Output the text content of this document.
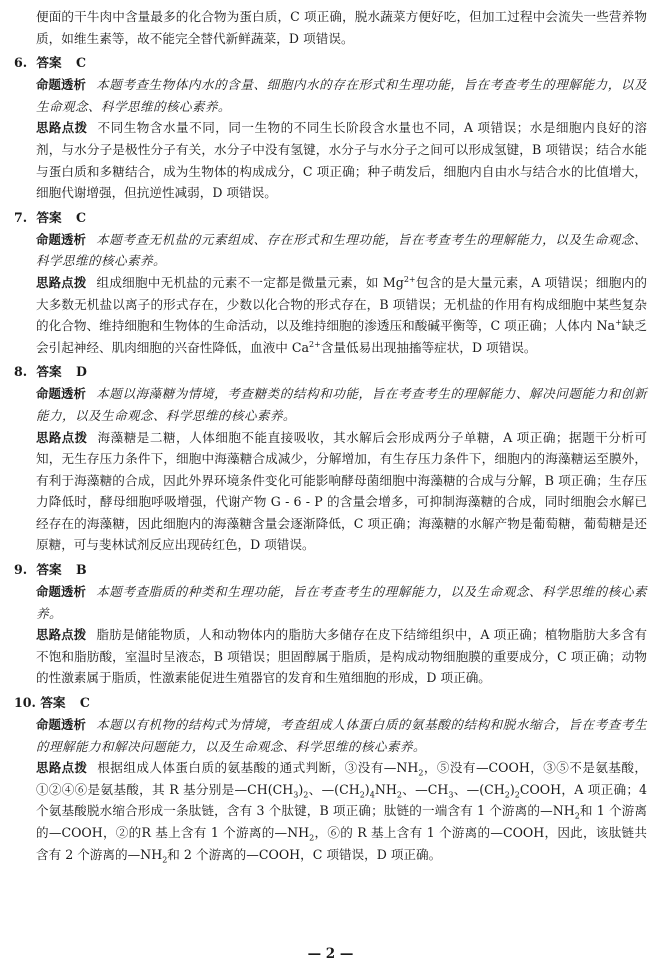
便面的干牛肉中含量最多的化合物为蛋白质，C 项正确，脱水蔬菜方便好吃，但加工过程中会流失一些营养物质，如维生素等，故不能完全替代新鲜蔬菜，D 项错误。

6. 答案 C

命题透析 本题考查生物体内水的含量、细胞内水的存在形式和生理功能，旨在考查考生的理解能力，以及生命观念、科学思维的核心素养。

思路点拨 不同生物含水量不同，同一生物的不同生长阶段含水量也不同，A 项错误；水是细胞内良好的溶剂，与水分子是极性分子有关，水分子中没有氢键，水分子与水分子之间可以形成氢键，B 项错误；结合水能与蛋白质和多糖结合，成为生物体的构成成分，C 项正确；种子萌发后，细胞内自由水与结合水的比值增大，细胞代谢增强，但抗逆性减弱，D 项错误。

7. 答案 C

命题透析 本题考查无机盐的元素组成、存在形式和生理功能，旨在考查考生的理解能力，以及生命观念、科学思维的核心素养。

思路点拨 组成细胞中无机盐的元素不一定都是微量元素，如 $Mg^{2+}$包含的是大量元素，A 项错误；细胞内的大多数无机盐以离子的形式存在，少数以化合物的形式存在，B 项错误；无机盐的作用有构成细胞中某些复杂的化合物、维持细胞和生物体的生命活动，以及维持细胞的渗透压和酸碱平衡等，C 项正确；人体内 Na+缺乏会引起神经、肌肉细胞的兴奋性降低，血液中 $Ca^{2+}$含量低易出现抽搐等症状，D 项错误。

8. 答案 D

命题透析 本题以海藻糖为情境，考查糖类的结构和功能，旨在考查考生的理解能力、解决问题能力和创新能力，以及生命观念、科学思维的核心素养。

思路点拨 海藻糖是二糖，人体细胞不能直接吸收，其水解后会形成两分子单糖，A 项正确；据题干分析可知，无生存压力条件下，细胞中海藻糖合成减少，分解增加，有生存压力条件下，细胞内的海藻糖运至膜外，有利于海藻糖的合成，因此外界环境条件变化可能影响酵母菌细胞中海藻糖的合成与分解，B 项正确；生存压力降低时，酵母细胞呼吸增强，代谢产物 G - 6 - P 的含量会增多，可抑制海藻糖的合成，同时细胞会水解已经存在的海藻糖，因此细胞内的海藻糖含量会逐渐降低，C 项正确；海藻糖的水解产物是葡萄糖，葡萄糖是还原糖，可与斐林试剂反应出现砖红色，D 项错误。

9. 答案 B

命题透析 本题考查脂质的种类和生理功能，旨在考查考生的理解能力，以及生命观念、科学思维的核心素养。

思路点拨 脂肪是储能物质，人和动物体内的脂肪大多储存在皮下结缔组织中，A 项正确；植物脂肪大多含有不饱和脂肪酸，室温时呈液态，B 项错误；胆固醇属于脂质，是构成动物细胞膜的重要成分，C 项正确；动物的性激素属于脂质，性激素能促进生殖器官的发育和生殖细胞的形成，D 项正确。

10. 答案 C

命题透析 本题以有机物的结构式为情境，考查组成人体蛋白质的氨基酸的结构和脱水缩合，旨在考查考生的理解能力和解决问题能力，以及生命观念、科学思维的核心素养。

思路点拨 根据组成人体蛋白质的氨基酸的通式判断，③没有$—NH_2$，⑤没有—COOH，③⑤不是氨基酸，①②④⑥是氨基酸，其 R 基分别是$—CH(CH_3)_2$、$—(CH_2)_4NH_2$、$—CH_3$、$—(CH_2)_2COOH$，A 项正确；4 个氨基酸脱水缩合形成一条肽链，含有 3 个肽键，B 项正确；肽链的一端含有 1 个游离的$—NH_2$和 1 个游离的—COOH，②的R 基上含有 1 个游离的$—NH_2$，⑥的 R 基上含有 1 个游离的—COOH，因此，该肽链共含有 2 个游离的$—NH_2$和 2 个游离的—COOH，C 项错误，D 项正确。

— 2 —
